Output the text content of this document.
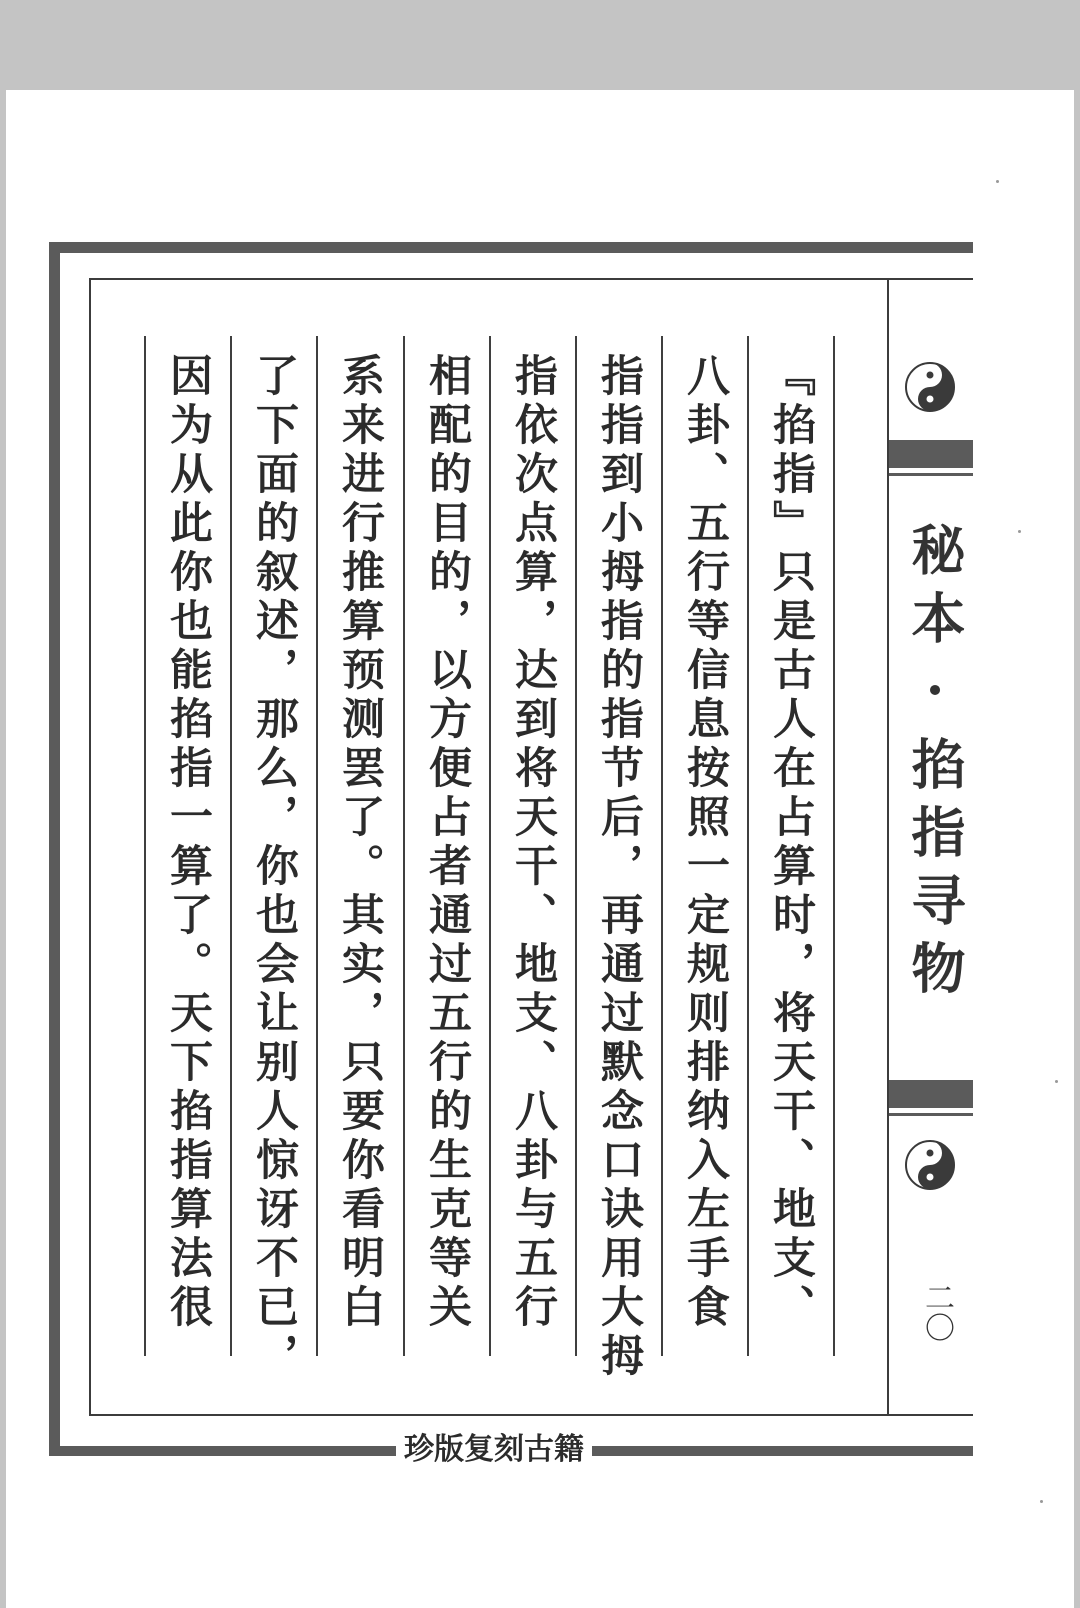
『掐指』只是古人在占算时，将天干、地支、
八卦、五行等信息按照一定规则排纳入左手食
指指到小拇指的指节后，再通过默念口诀用大拇
指依次点算，达到将天干、地支、八卦与五行
相配的目的，以方便占者通过五行的生克等关
系来进行推算预测罢了。其实，只要你看明白
了下面的叙述，那么，你也会让别人惊讶不已，
因为从此你也能掐指一算了。天下掐指算法很	秘本·掐指寻物
二〇
珍版复刻古籍
